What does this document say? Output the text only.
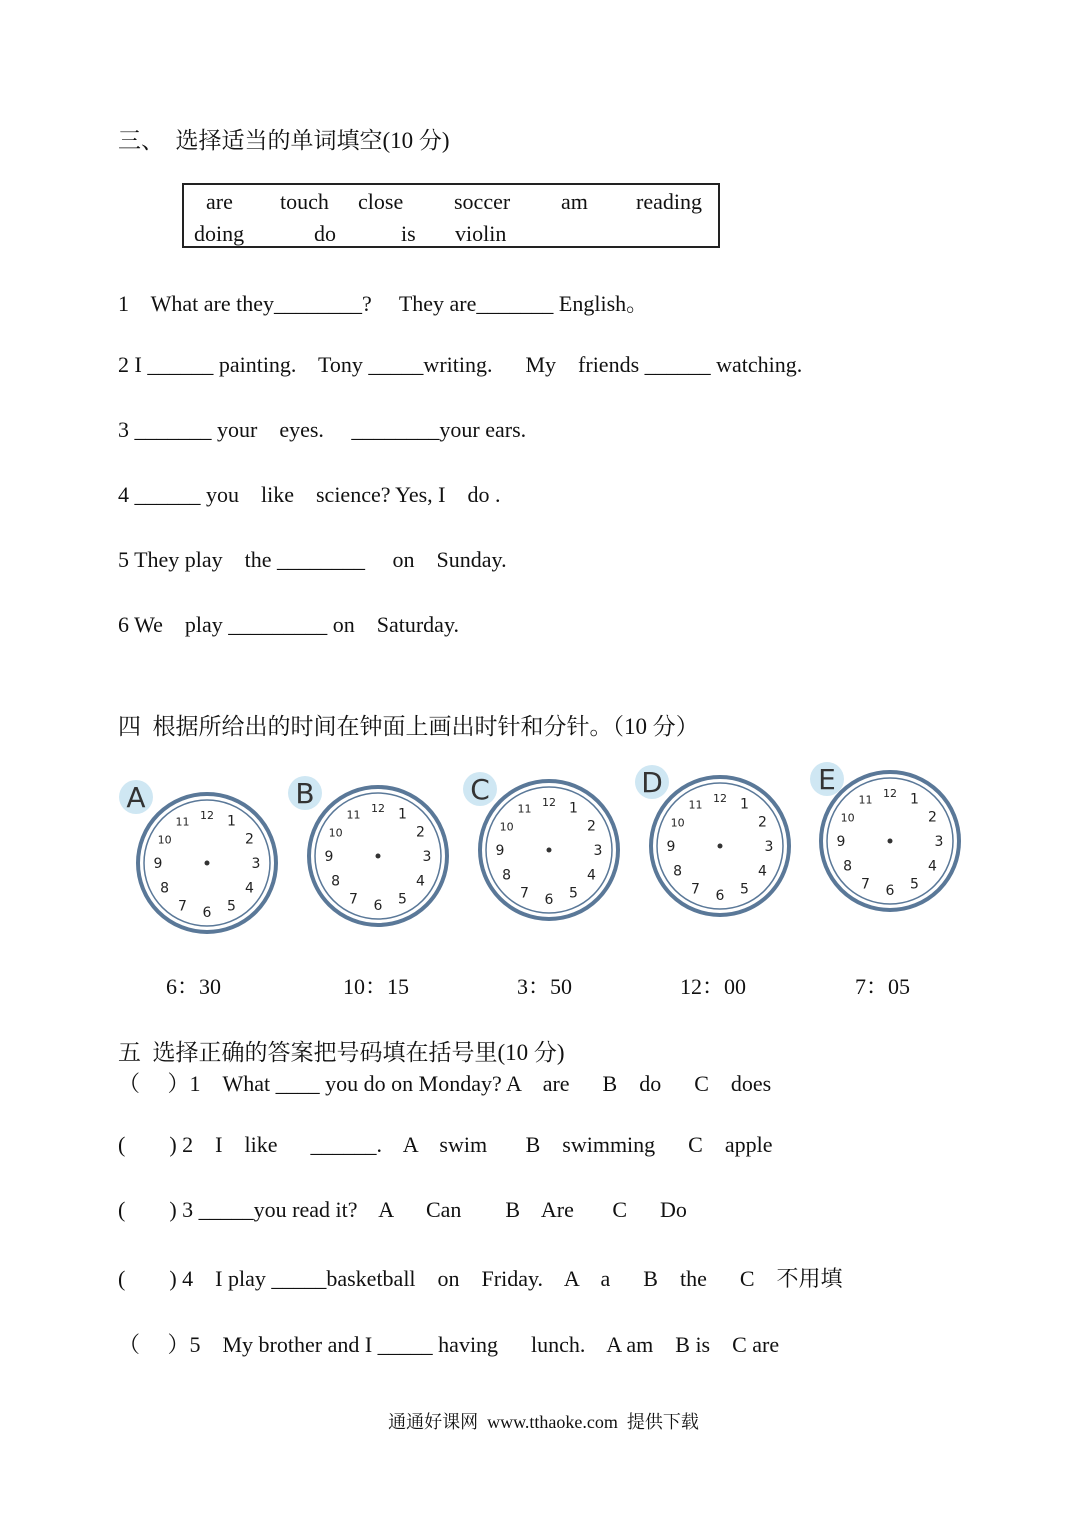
三、  选择适当的单词填空(10 分)
are touch close soccer am reading
doing	do	is violin
1    What are they________?     They are_______ English。
2 I ______ painting.    Tony _____writing.      My    friends ______ watching.
3 _______ your    eyes.     ________your ears.
4 ______ you    like    science? Yes, I    do .
5 They play    the ________     on    Sunday.
6 We    play _________ on    Saturday.
四  根据所给出的时间在钟面上画出时针和分针。（10 分）
A
12 1
2
3
4
5
6
7
8
9
10
11
B	12 1
2
3
4
5
6
7
8
9
10
11
C	12 1
2
3
4
5
6
7
8
9
10
11
D	12 1
2
3
4
5
6
7
8
9
10
11
E	12 1
2
3
4
5
6
7
8
9
10
11
6：30	10：15	3：50	12：00	7：05
五  选择正确的答案把号码填在括号里(10 分)
（     ）1    What ____ you do on Monday? A    are      B    do      C    does
(        ) 2    I    like      ______.    A    swim       B    swimming      C    apple
(        ) 3 _____you read it?    A      Can        B    Are       C      Do
(        ) 4    I play _____basketball    on    Friday.    A    a      B    the      C    不用填
（     ）5    My brother and I _____ having      lunch.    A am    B is    C are
通通好课网  www.tthaoke.com  提供下载
